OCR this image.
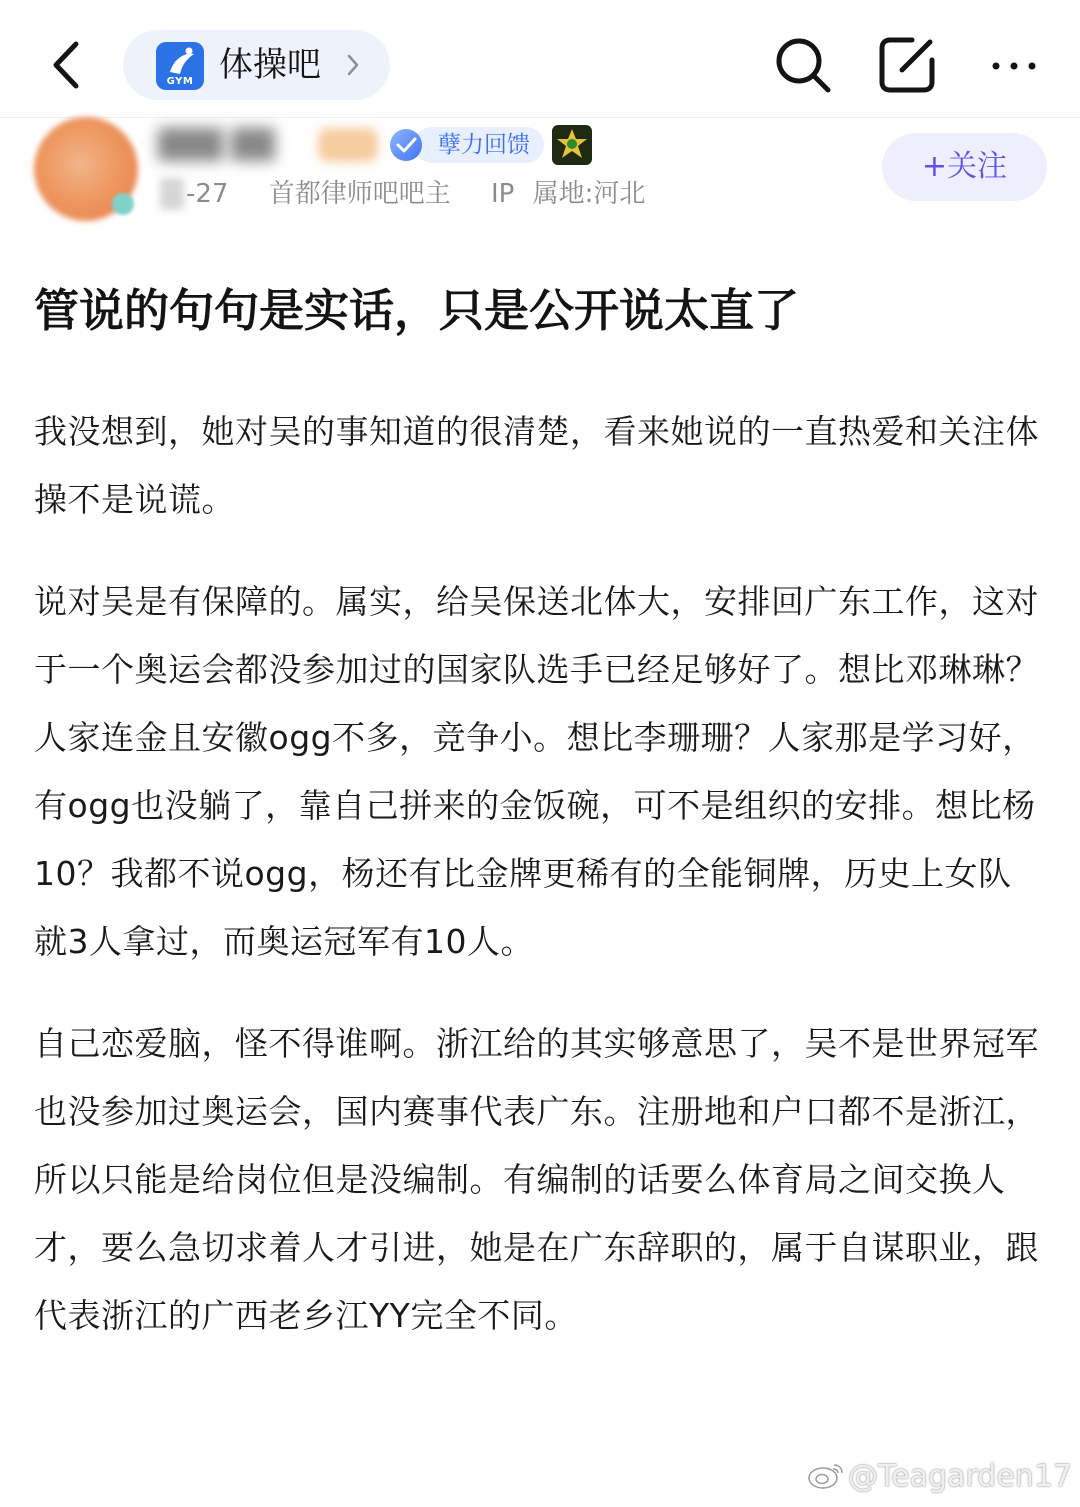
GYM 体操吧
███ ██	孽力回馈
-27 首都律师吧吧主 IP 属地:河北
+关注
管说的句句是实话，只是公开说太直了

我没想到，她对吴的事知道的很清楚，看来她说的一直热爱和关注体操不是说谎。

说对吴是有保障的。属实，给吴保送北体大，安排回广东工作，这对于一个奥运会都没参加过的国家队选手已经足够好了。想比邓琳琳？人家连金且安徽ogg不多，竞争小。想比李珊珊？人家那是学习好，有ogg也没躺了，靠自己拼来的金饭碗，可不是组织的安排。想比杨10？我都不说ogg，杨还有比金牌更稀有的全能铜牌，历史上女队就3人拿过，而奥运冠军有10人。

自己恋爱脑，怪不得谁啊。浙江给的其实够意思了，吴不是世界冠军也没参加过奥运会，国内赛事代表广东。注册地和户口都不是浙江，所以只能是给岗位但是没编制。有编制的话要么体育局之间交换人才，要么急切求着人才引进，她是在广东辞职的，属于自谋职业，跟代表浙江的广西老乡江YY完全不同。

@Teagarden17
